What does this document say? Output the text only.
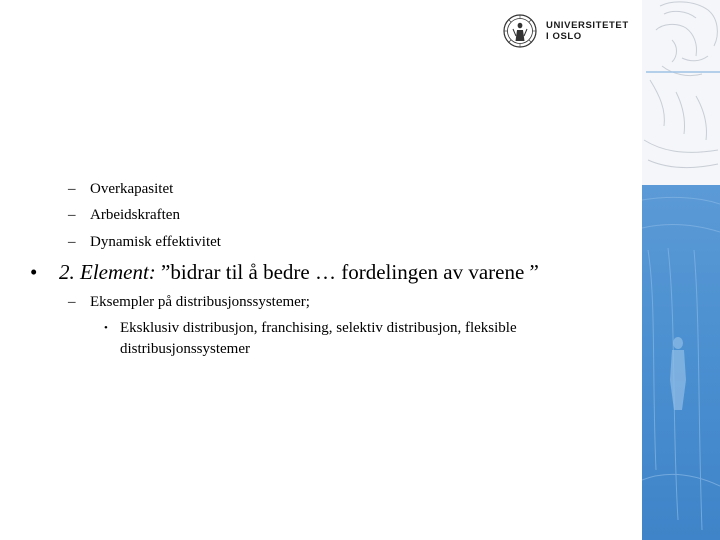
UNIVERSITETET
I OSLO
– Overkapasitet
– Arbeidskraften
– Dynamisk effektivitet
• 2. Element: ”bidrar til å bedre … fordelingen av varene ”
– Eksempler på distribusjonssystemer;
• Eksklusiv distribusjon, franchising, selektiv distribusjon, fleksible distribusjonssystemer
